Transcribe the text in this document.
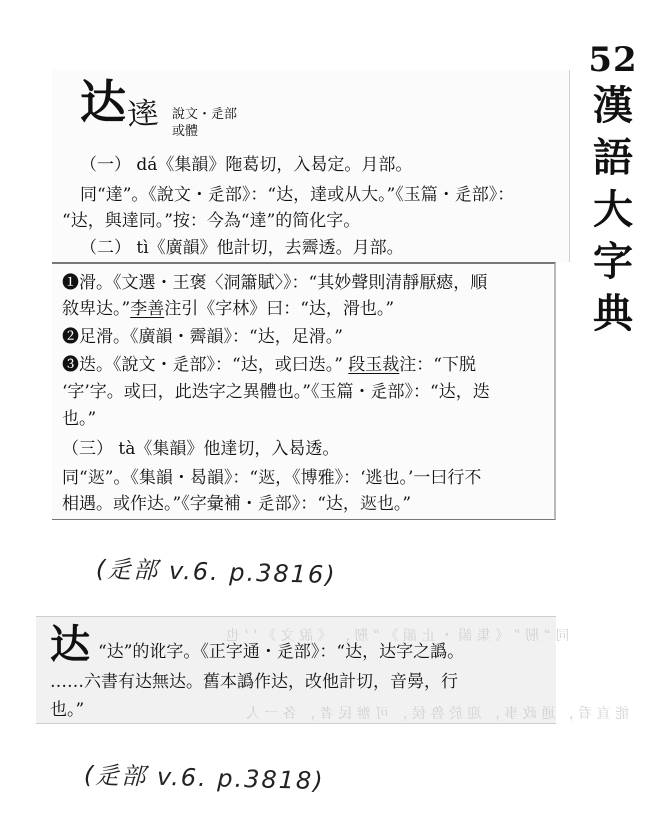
52
漢
語
大
字
典
达 䢦 說文・辵部
或體
（一） dá《集韻》陁葛切，入曷定。月部。
同“達”。《說文・辵部》：“达，達或从大。”《玉篇・辵部》：
“达，與達同。”按：今為“達”的简化字。
（二） tì《廣韻》他計切，去霽透。月部。
❶滑。《文選・王褒〈洞簫賦〉》：“其妙聲則清靜厭瘱，順
敘卑达。”李善注引《字林》曰：“达，滑也。”
❷足滑。《廣韻・霽韻》：“达，足滑。”
❸迭。《說文・辵部》：“达，或曰迭。” 段玉裁注：“下脱
‘字’字。或曰，此迭字之異體也。”《玉篇・辵部》：“达，迭
也。”
（三） tà《集韻》他達切，入曷透。
同“𨒭”。《集韻・曷韻》：“𨒭，《博雅》：‘逃也。’一曰行不
相遇。或作达。”《字彙補・辵部》：“达，𨒭也。”
(辵部 v.6. p.3816)
同 “ 剏 ” 《 集 韻 ・ 止 韻 》 “ 剏 ， 《 說 文 》 ‘ ’ 也
能 直 看 ， 通 政 事 ， 迎 於 魯 侯 ， 可 辦 民 者 ， 各 一 人
达 “达”的讹字。《正字通・辵部》：“达，达字之譌。
……六書有达無达。舊本譌作达，改他計切，音㬅，行
也。”
(辵部 v.6. p.3818)
